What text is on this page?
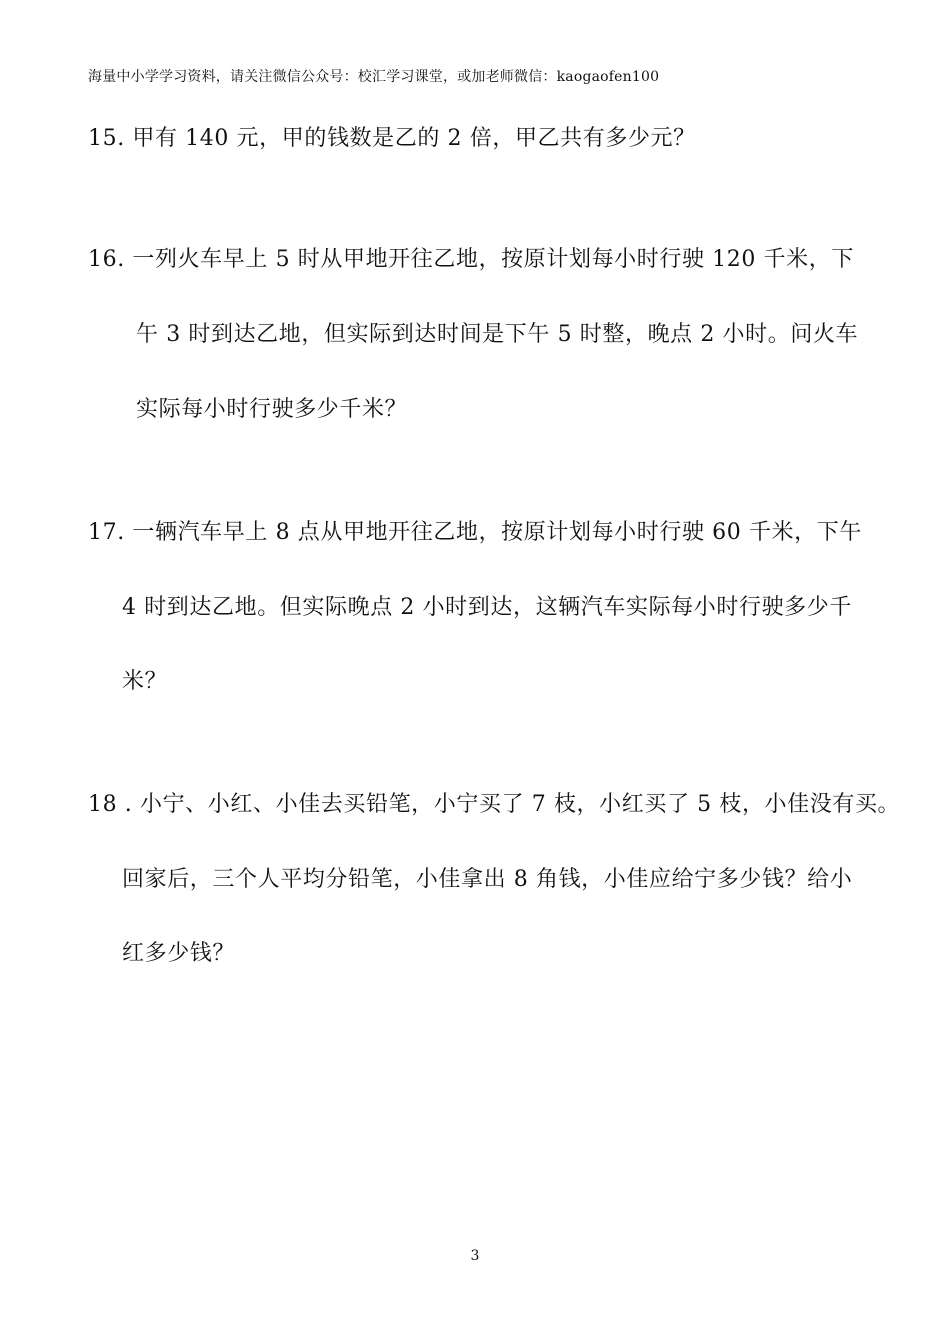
海量中小学学习资料，请关注微信公众号：校汇学习课堂，或加老师微信：kaogaofen100
15. 甲有 140 元，甲的钱数是乙的 2 倍，甲乙共有多少元？
16. 一列火车早上 5 时从甲地开往乙地，按原计划每小时行驶 120 千米，下
午 3 时到达乙地，但实际到达时间是下午 5 时整，晚点 2 小时。问火车
实际每小时行驶多少千米？
17. 一辆汽车早上 8 点从甲地开往乙地，按原计划每小时行驶 60 千米，下午
4 时到达乙地。但实际晚点 2 小时到达，这辆汽车实际每小时行驶多少千
米？
18 . 小宁、小红、小佳去买铅笔，小宁买了 7 枝，小红买了 5 枝，小佳没有买。
回家后，三个人平均分铅笔，小佳拿出 8 角钱，小佳应给宁多少钱？给小
红多少钱？
3
